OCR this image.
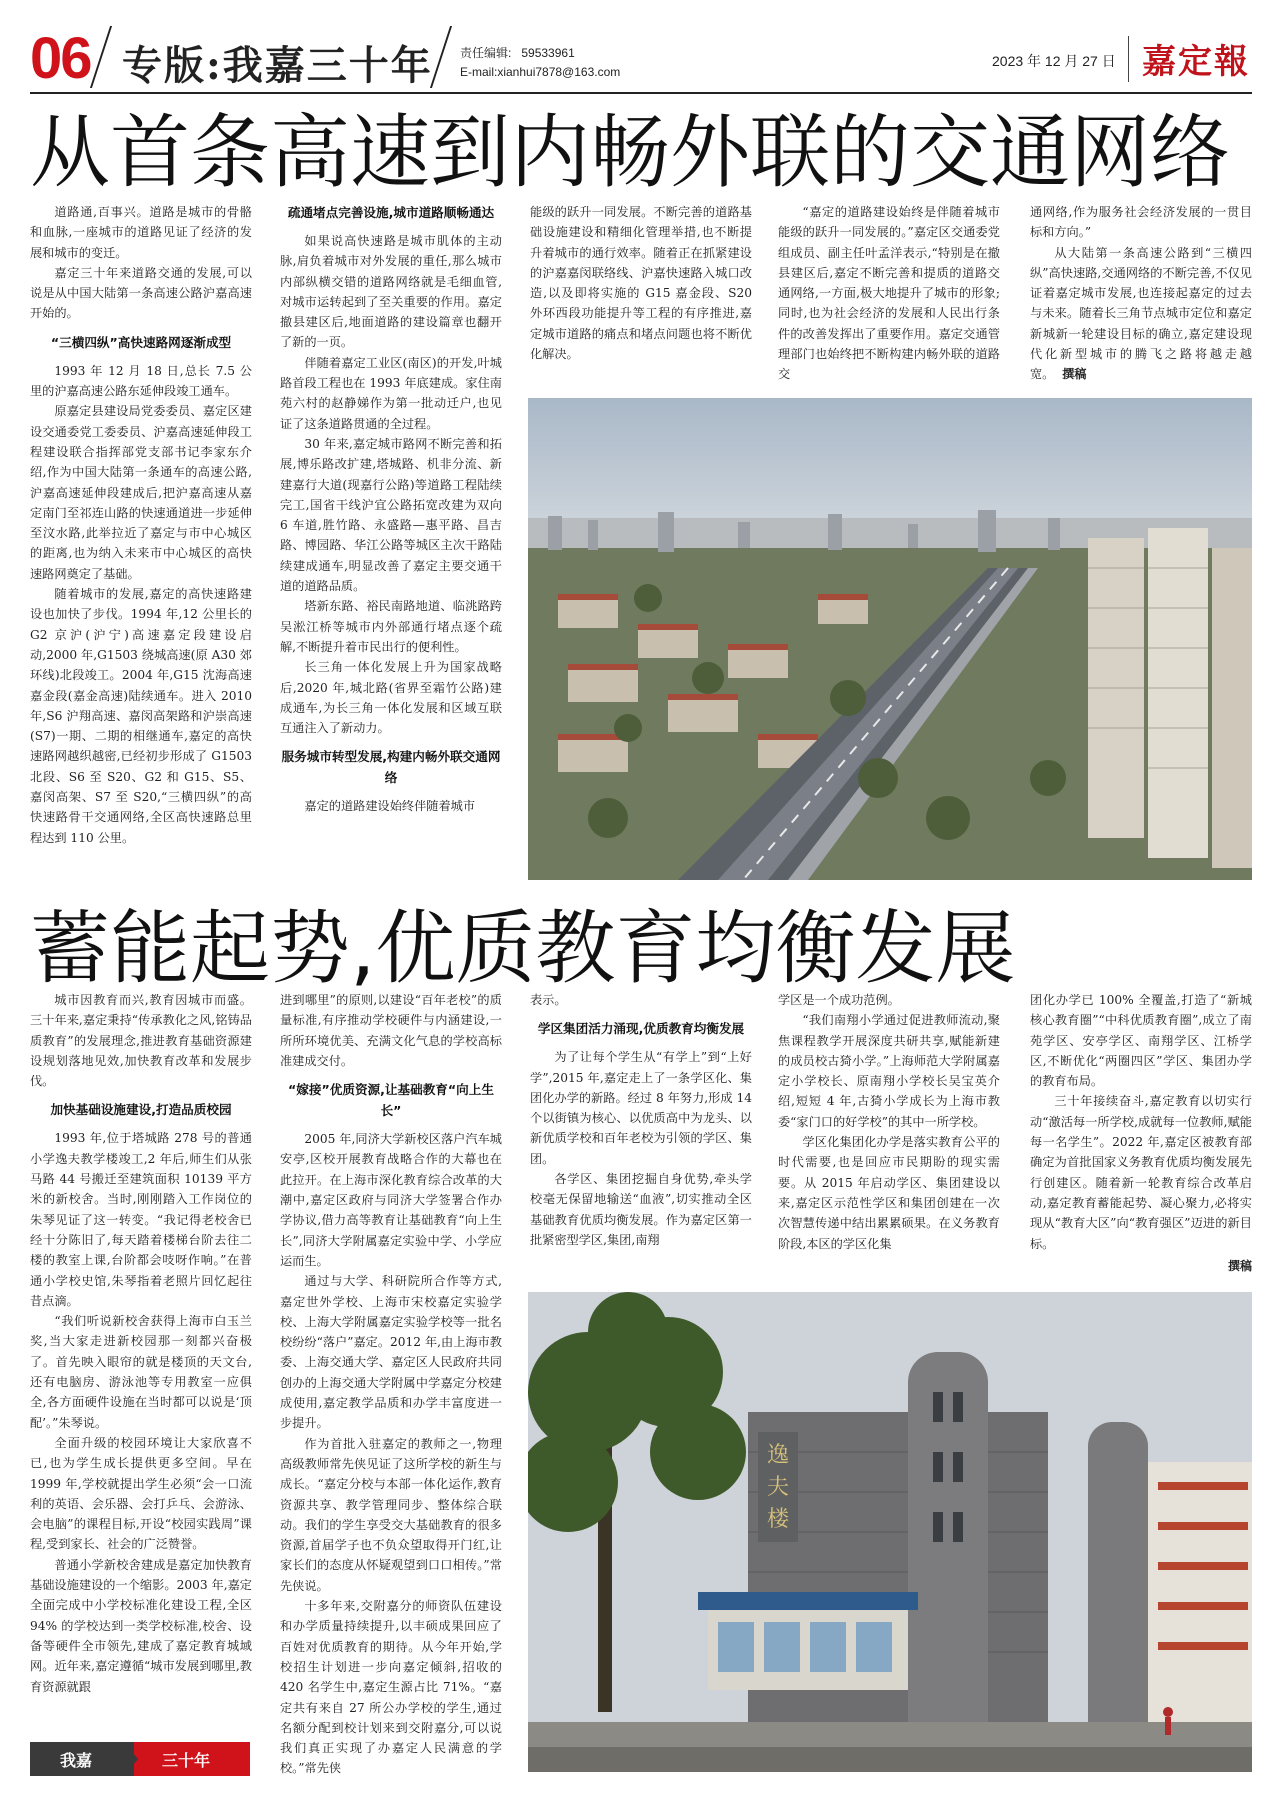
06 专版:我嘉三十年 责任编辑: 59533961
E-mail:xianhui7878@163.com
2023 年 12 月 27 日 嘉定報
从首条高速到内畅外联的交通网络

道路通,百事兴。道路是城市的骨骼和血脉,一座城市的道路见证了经济的发展和城市的变迁。

嘉定三十年来道路交通的发展,可以说是从中国大陆第一条高速公路沪嘉高速开始的。

“三横四纵”高快速路网逐渐成型

1993 年 12 月 18 日,总长 7.5 公里的沪嘉高速公路东延伸段竣工通车。

原嘉定县建设局党委委员、嘉定区建设交通委党工委委员、沪嘉高速延伸段工程建设联合指挥部党支部书记李家东介绍,作为中国大陆第一条通车的高速公路,沪嘉高速延伸段建成后,把沪嘉高速从嘉定南门至祁连山路的快速通道进一步延伸至汶水路,此举拉近了嘉定与市中心城区的距离,也为纳入未来市中心城区的高快速路网奠定了基础。

随着城市的发展,嘉定的高快速路建设也加快了步伐。1994 年,12 公里长的 G2 京沪(沪宁)高速嘉定段建设启动,2000 年,G1503 绕城高速(原 A30 郊环线)北段竣工。2004 年,G15 沈海高速嘉金段(嘉金高速)陆续通车。进入 2010 年,S6 沪翔高速、嘉闵高架路和沪崇高速(S7)一期、二期的相继通车,嘉定的高快速路网越织越密,已经初步形成了 G1503 北段、S6 至 S20、G2 和 G15、S5、嘉闵高架、S7 至 S20,“三横四纵”的高快速路骨干交通网络,全区高快速路总里程达到 110 公里。

疏通堵点完善设施,城市道路顺畅通达

如果说高快速路是城市肌体的主动脉,肩负着城市对外发展的重任,那么城市内部纵横交错的道路网络就是毛细血管,对城市运转起到了至关重要的作用。嘉定撤县建区后,地面道路的建设篇章也翻开了新的一页。

伴随着嘉定工业区(南区)的开发,叶城路首段工程也在 1993 年底建成。家住南苑六村的赵静娣作为第一批动迁户,也见证了这条道路贯通的全过程。

30 年来,嘉定城市路网不断完善和拓展,博乐路改扩建,塔城路、机非分流、新建嘉行大道(现嘉行公路)等道路工程陆续完工,国省干线沪宜公路拓宽改建为双向 6 车道,胜竹路、永盛路—惠平路、昌吉路、博园路、华江公路等城区主次干路陆续建成通车,明显改善了嘉定主要交通干道的道路品质。

塔新东路、裕民南路地道、临洮路跨吴淞江桥等城市内外部通行堵点逐个疏解,不断提升着市民出行的便利性。

长三角一体化发展上升为国家战略后,2020 年,城北路(省界至霜竹公路)建成通车,为长三角一体化发展和区域互联互通注入了新动力。

服务城市转型发展,构建内畅外联交通网络

嘉定的道路建设始终伴随着城市

能级的跃升一同发展。不断完善的道路基础设施建设和精细化管理举措,也不断提升着城市的通行效率。随着正在抓紧建设的沪嘉嘉闵联络线、沪嘉快速路入城口改造,以及即将实施的 G15 嘉金段、S20 外环西段功能提升等工程的有序推进,嘉定城市道路的痛点和堵点问题也将不断优化解决。

“嘉定的道路建设始终是伴随着城市能级的跃升一同发展的。”嘉定区交通委党组成员、副主任叶孟洋表示,“特别是在撤县建区后,嘉定不断完善和提质的道路交通网络,一方面,极大地提升了城市的形象;同时,也为社会经济的发展和人民出行条件的改善发挥出了重要作用。嘉定交通管理部门也始终把不断构建内畅外联的道路交

通网络,作为服务社会经济发展的一贯目标和方向。”

从大陆第一条高速公路到“三横四纵”高快速路,交通网络的不断完善,不仅见证着嘉定城市发展,也连接起嘉定的过去与未来。随着长三角节点城市定位和嘉定新城新一轮建设目标的确立,嘉定建设现代化新型城市的腾飞之路将越走越宽。 撰稿

蓄能起势,优质教育均衡发展

城市因教育而兴,教育因城市而盛。三十年来,嘉定秉持“传承教化之风,铭铸品质教育”的发展理念,推进教育基础资源建设规划落地见效,加快教育改革和发展步伐。

加快基础设施建设,打造品质校园

1993 年,位于塔城路 278 号的普通小学逸夫教学楼竣工,2 年后,师生们从张马路 44 号搬迁至建筑面积 10139 平方米的新校舍。当时,刚刚踏入工作岗位的朱琴见证了这一转变。“我记得老校舍已经十分陈旧了,每天踏着楼梯台阶去往二楼的教室上课,台阶都会吱呀作响。”在普通小学校史馆,朱琴指着老照片回忆起往昔点滴。

“我们听说新校舍获得上海市白玉兰奖,当大家走进新校园那一刻都兴奋极了。首先映入眼帘的就是楼顶的天文台,还有电脑房、游泳池等专用教室一应俱全,各方面硬件设施在当时都可以说是‘顶配’。”朱琴说。

全面升级的校园环境让大家欣喜不已,也为学生成长提供更多空间。早在 1999 年,学校就提出学生必须“会一口流利的英语、会乐器、会打乒乓、会游泳、会电脑”的课程目标,开设“校园实践周”课程,受到家长、社会的广泛赞誉。

普通小学新校舍建成是嘉定加快教育基础设施建设的一个缩影。2003 年,嘉定全面完成中小学校标准化建设工程,全区 94% 的学校达到一类学校标准,校舍、设备等硬件全市领先,建成了嘉定教育城域网。近年来,嘉定遵循“城市发展到哪里,教育资源就跟

进到哪里”的原则,以建设“百年老校”的质量标准,有序推动学校硬件与内涵建设,一所所环境优美、充满文化气息的学校高标准建成交付。

“嫁接”优质资源,让基础教育“向上生长”

2005 年,同济大学新校区落户汽车城安亭,区校开展教育战略合作的大幕也在此拉开。在上海市深化教育综合改革的大潮中,嘉定区政府与同济大学签署合作办学协议,借力高等教育让基础教育“向上生长”,同济大学附属嘉定实验中学、小学应运而生。

通过与大学、科研院所合作等方式,嘉定世外学校、上海市宋校嘉定实验学校、上海大学附属嘉定实验学校等一批名校纷纷“落户”嘉定。2012 年,由上海市教委、上海交通大学、嘉定区人民政府共同创办的上海交通大学附属中学嘉定分校建成使用,嘉定教学品质和办学丰富度进一步提升。

作为首批入驻嘉定的教师之一,物理高级教师常先侠见证了这所学校的新生与成长。“嘉定分校与本部一体化运作,教育资源共享、教学管理同步、整体综合联动。我们的学生享受交大基础教育的很多资源,首届学子也不负众望取得开门红,让家长们的态度从怀疑观望到口口相传。”常先侠说。

十多年来,交附嘉分的师资队伍建设和办学质量持续提升,以丰硕成果回应了百姓对优质教育的期待。从今年开始,学校招生计划进一步向嘉定倾斜,招收的 420 名学生中,嘉定生源占比 71%。“嘉定共有来自 27 所公办学校的学生,通过名额分配到校计划来到交附嘉分,可以说我们真正实现了办嘉定人民满意的学校。”常先侠

表示。

学区集团活力涌现,优质教育均衡发展

为了让每个学生从“有学上”到“上好学”,2015 年,嘉定走上了一条学区化、集团化办学的新路。经过 8 年努力,形成 14 个以街镇为核心、以优质高中为龙头、以新优质学校和百年老校为引领的学区、集团。

各学区、集团挖掘自身优势,牵头学校毫无保留地输送“血液”,切实推动全区基础教育优质均衡发展。作为嘉定区第一批紧密型学区,集团,南翔

学区是一个成功范例。

“我们南翔小学通过促进教师流动,聚焦课程教学开展深度共研共享,赋能新建的成员校古猗小学。”上海师范大学附属嘉定小学校长、原南翔小学校长吴宝英介绍,短短 4 年,古猗小学成长为上海市教委“家门口的好学校”的其中一所学校。

学区化集团化办学是落实教育公平的时代需要,也是回应市民期盼的现实需要。从 2015 年启动学区、集团建设以来,嘉定区示范性学区和集团创建在一次次智慧传递中结出累累硕果。在义务教育阶段,本区的学区化集

团化办学已 100% 全覆盖,打造了“新城核心教育圈”“中科优质教育圈”,成立了南苑学区、安亭学区、南翔学区、江桥学区,不断优化“两圈四区”学区、集团办学的教育布局。

三十年接续奋斗,嘉定教育以切实行动“激活每一所学校,成就每一位教师,赋能每一名学生”。2022 年,嘉定区被教育部确定为首批国家义务教育优质均衡发展先行创建区。随着新一轮教育综合改革启动,嘉定教育蓄能起势、凝心聚力,必将实现从“教育大区”向“教育强区”迈进的新目标。

撰稿
逸
夫
楼
我嘉	三十年
